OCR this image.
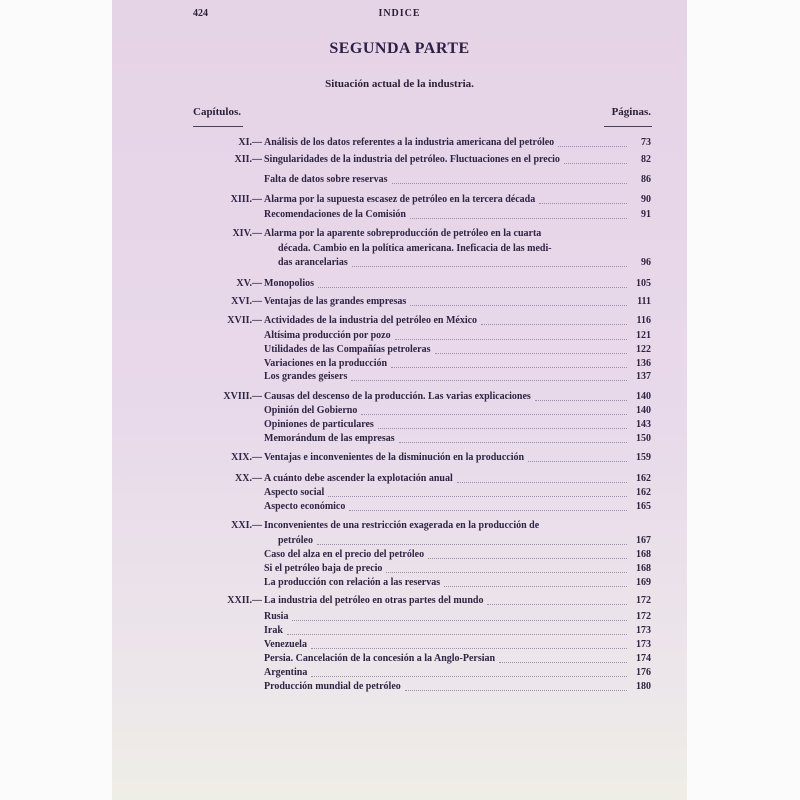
424	INDICE
SEGUNDA PARTE
Situación actual de la industria.
Capítulos.	Páginas.
XI.— Análisis de los datos referentes a la industria americana del petróleo	73
XII.— Singularidades de la industria del petróleo. Fluctuaciones en el precio	82
Falta de datos sobre reservas	86
XIII.— Alarma por la supuesta escasez de petróleo en la tercera década	90
Recomendaciones de la Comisión	91
XIV.— Alarma por la aparente sobreproducción de petróleo en la cuarta
década. Cambio en la política americana. Ineficacia de las medi-
das arancelarias	96
XV.— Monopolios	105
XVI.— Ventajas de las grandes empresas	111
XVII.— Actividades de la industria del petróleo en México	116
Altísima producción por pozo	121
Utilidades de las Compañías petroleras	122
Variaciones en la producción	136
Los grandes geisers	137
XVIII.— Causas del descenso de la producción. Las varias explicaciones	140
Opinión del Gobierno	140
Opiniones de particulares	143
Memorándum de las empresas	150
XIX.— Ventajas e inconvenientes de la disminución en la producción	159
XX.— A cuánto debe ascender la explotación anual	162
Aspecto social	162
Aspecto económico	165
XXI.— Inconvenientes de una restricción exagerada en la producción de
petróleo	167
Caso del alza en el precio del petróleo	168
Si el petróleo baja de precio	168
La producción con relación a las reservas	169
XXII.— La industria del petróleo en otras partes del mundo	172
Rusia	172
Irak	173
Venezuela	173
Persia. Cancelación de la concesión a la Anglo-Persian	174
Argentina	176
Producción mundial de petróleo	180
